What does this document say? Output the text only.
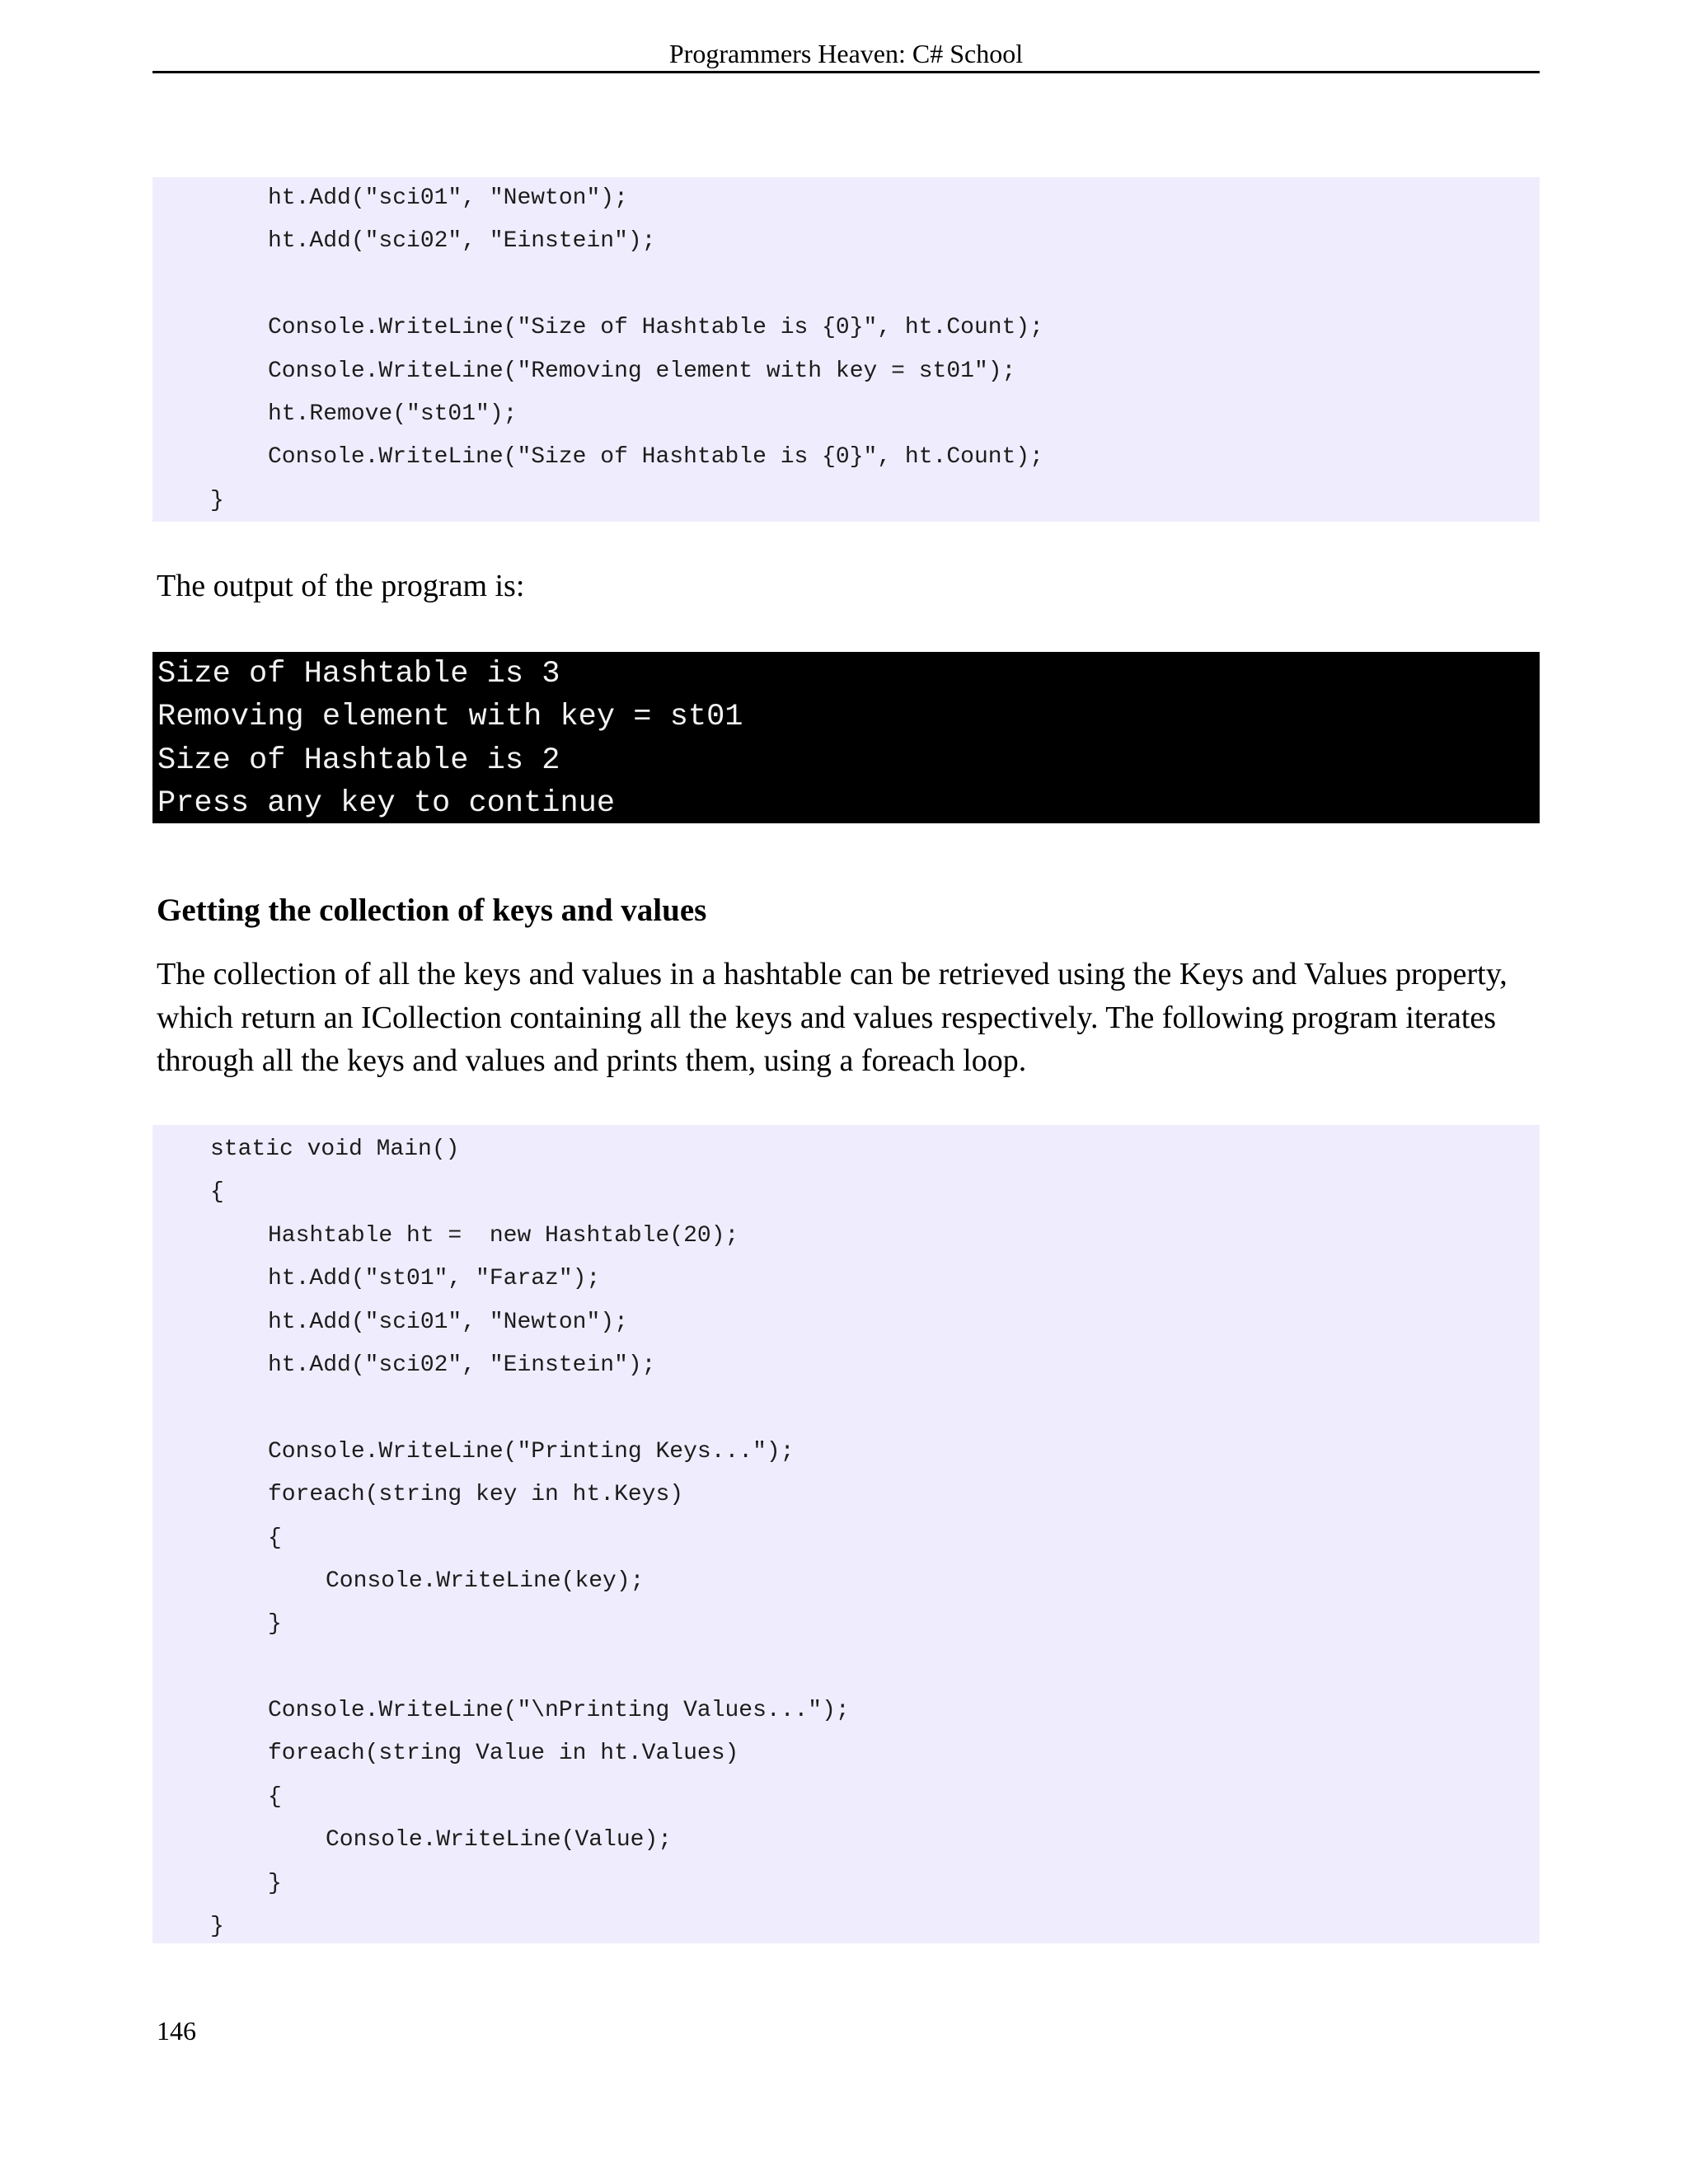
Programmers Heaven: C# School
ht.Add("sci01", "Newton");
ht.Add("sci02", "Einstein");
Console.WriteLine("Size of Hashtable is {0}", ht.Count);
Console.WriteLine("Removing element with key = st01");
ht.Remove("st01");
Console.WriteLine("Size of Hashtable is {0}", ht.Count);
}
The output of the program is:
Size of Hashtable is 3
Removing element with key = st01
Size of Hashtable is 2
Press any key to continue
Getting the collection of keys and values
The collection of all the keys and values in a hashtable can be retrieved using the Keys and Values property, which return an ICollection containing all the keys and values respectively. The following program iterates through all the keys and values and prints them, using a foreach loop.
static void Main()
{
Hashtable ht =  new Hashtable(20);
ht.Add("st01", "Faraz");
ht.Add("sci01", "Newton");
ht.Add("sci02", "Einstein");
Console.WriteLine("Printing Keys...");
foreach(string key in ht.Keys)
{
Console.WriteLine(key);
}
Console.WriteLine("\nPrinting Values...");
foreach(string Value in ht.Values)
{
Console.WriteLine(Value);
}
}
146
